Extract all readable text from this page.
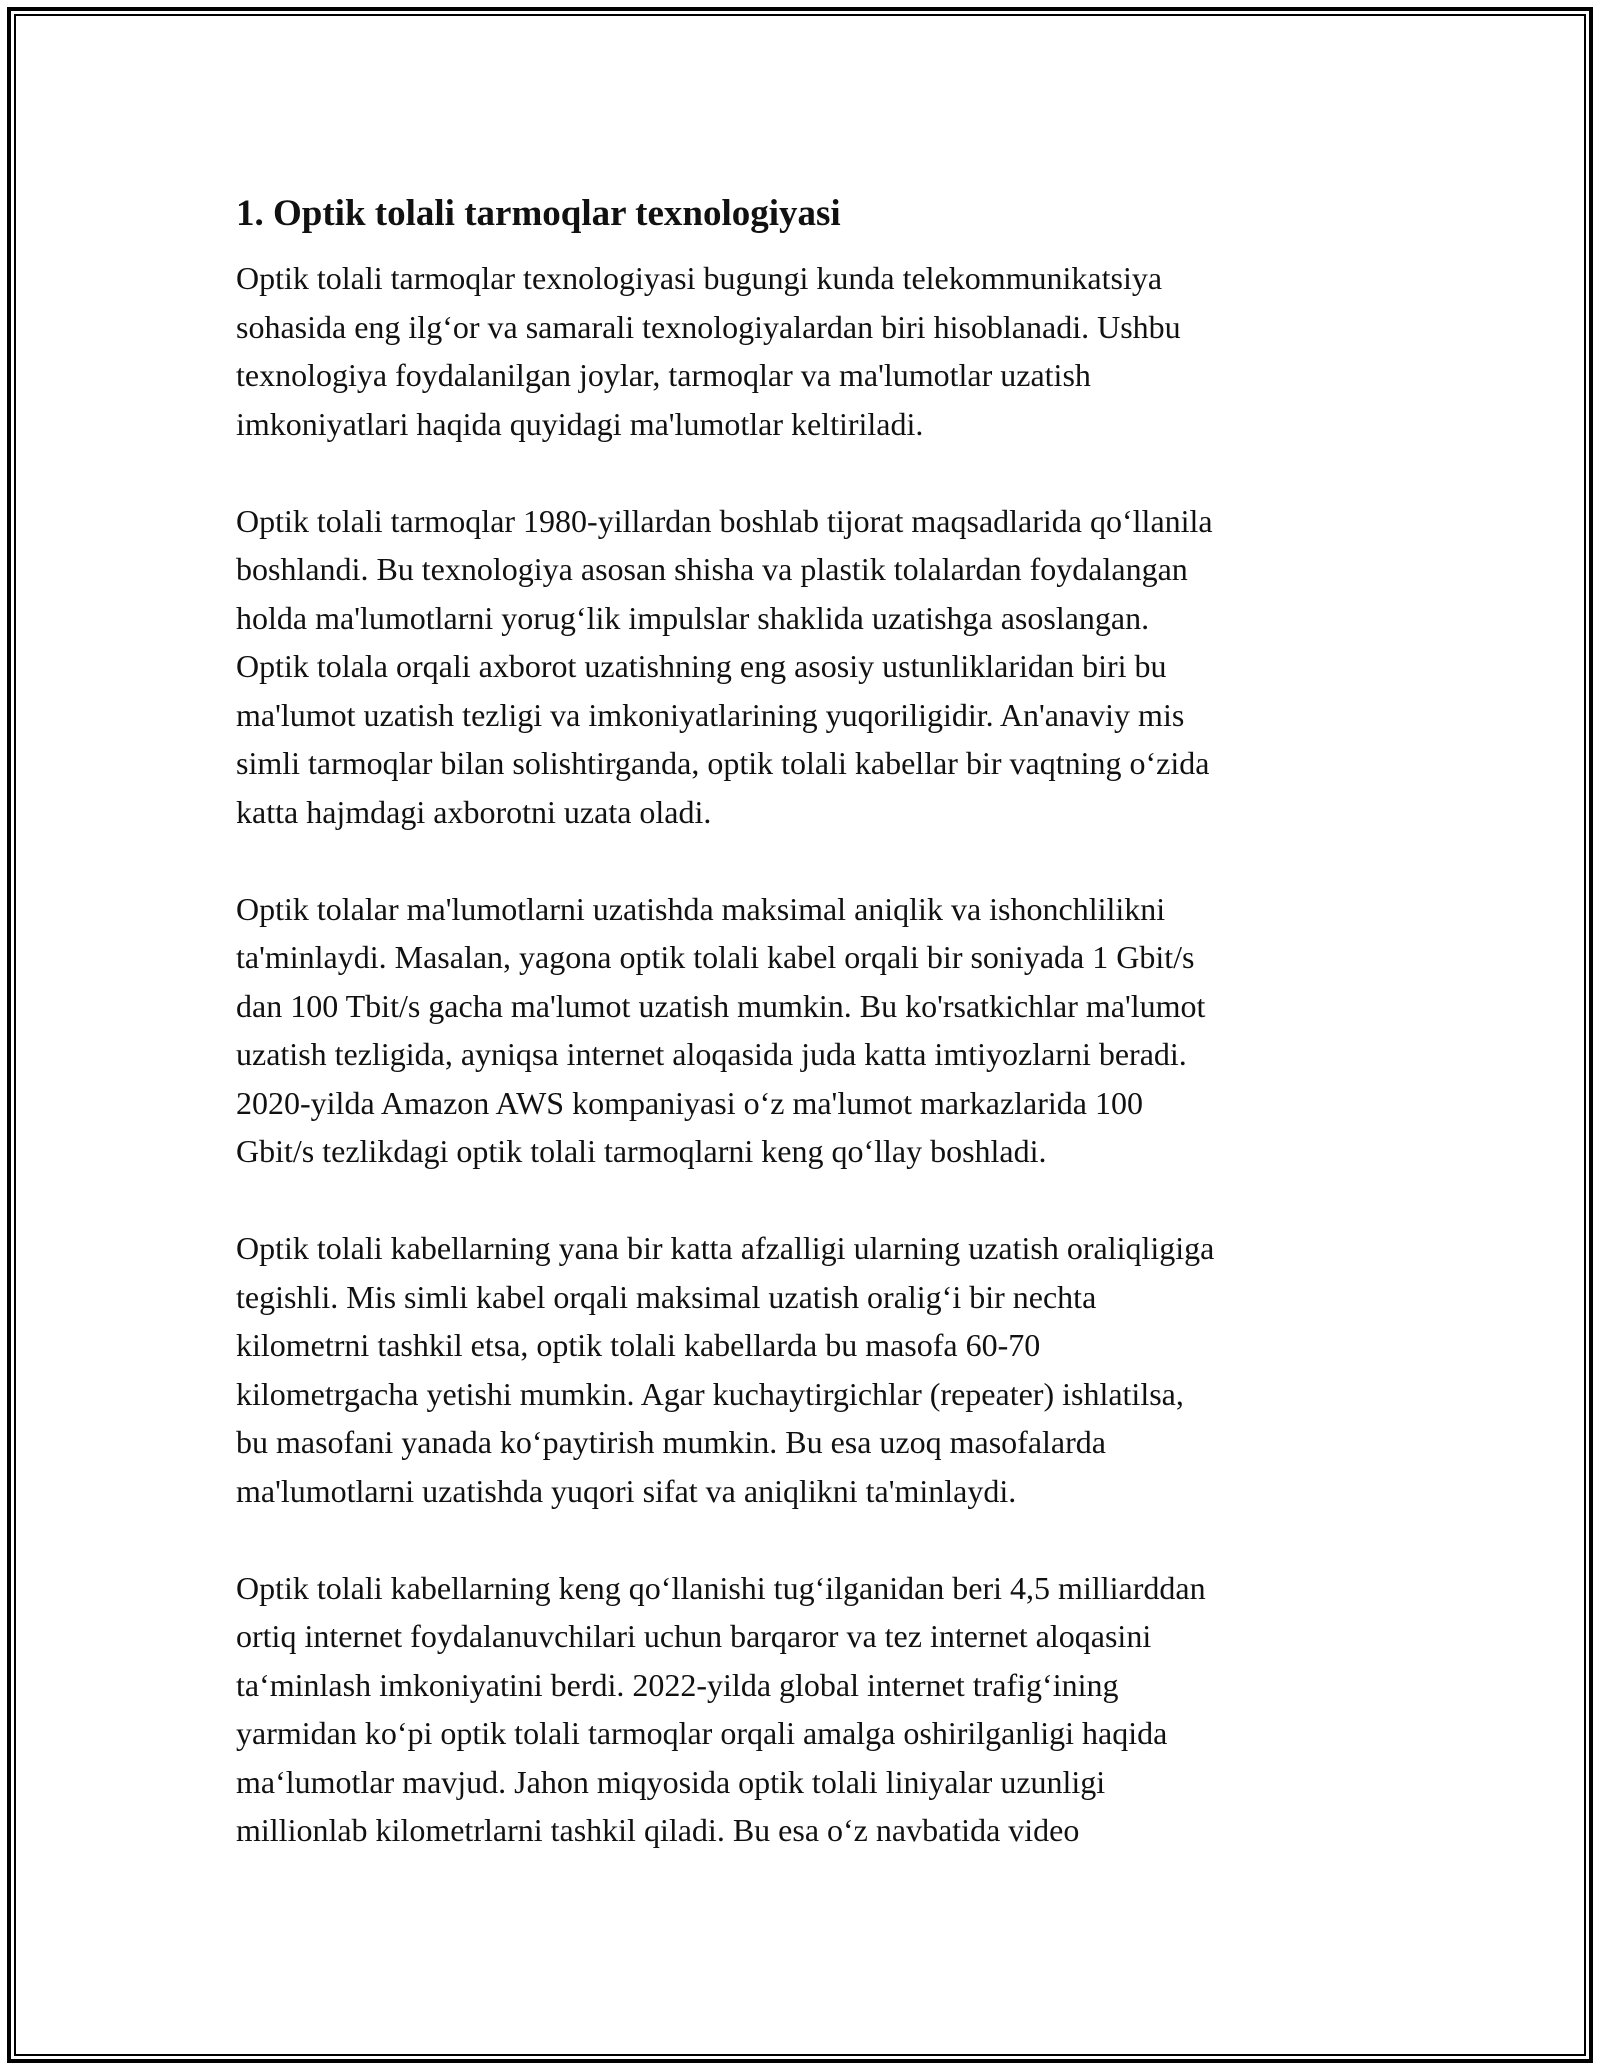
1. Optik tolali tarmoqlar texnologiyasi
Optik tolali tarmoqlar texnologiyasi bugungi kunda telekommunikatsiya
sohasida eng ilg‘or va samarali texnologiyalardan biri hisoblanadi. Ushbu
texnologiya foydalanilgan joylar, tarmoqlar va ma'lumotlar uzatish
imkoniyatlari haqida quyidagi ma'lumotlar keltiriladi.
Optik tolali tarmoqlar 1980-yillardan boshlab tijorat maqsadlarida qo‘llanila
boshlandi. Bu texnologiya asosan shisha va plastik tolalardan foydalangan
holda ma'lumotlarni yorug‘lik impulslar shaklida uzatishga asoslangan.
Optik tolala orqali axborot uzatishning eng asosiy ustunliklaridan biri bu
ma'lumot uzatish tezligi va imkoniyatlarining yuqoriligidir. An'anaviy mis
simli tarmoqlar bilan solishtirganda, optik tolali kabellar bir vaqtning o‘zida
katta hajmdagi axborotni uzata oladi.
Optik tolalar ma'lumotlarni uzatishda maksimal aniqlik va ishonchlilikni
ta'minlaydi. Masalan, yagona optik tolali kabel orqali bir soniyada 1 Gbit/s
dan 100 Tbit/s gacha ma'lumot uzatish mumkin. Bu ko'rsatkichlar ma'lumot
uzatish tezligida, ayniqsa internet aloqasida juda katta imtiyozlarni beradi.
2020-yilda Amazon AWS kompaniyasi o‘z ma'lumot markazlarida 100
Gbit/s tezlikdagi optik tolali tarmoqlarni keng qo‘llay boshladi.
Optik tolali kabellarning yana bir katta afzalligi ularning uzatish oraliqligiga
tegishli. Mis simli kabel orqali maksimal uzatish oralig‘i bir nechta
kilometrni tashkil etsa, optik tolali kabellarda bu masofa 60-70
kilometrgacha yetishi mumkin. Agar kuchaytirgichlar (repeater) ishlatilsa,
bu masofani yanada ko‘paytirish mumkin. Bu esa uzoq masofalarda
ma'lumotlarni uzatishda yuqori sifat va aniqlikni ta'minlaydi.
Optik tolali kabellarning keng qo‘llanishi tug‘ilganidan beri 4,5 milliarddan
ortiq internet foydalanuvchilari uchun barqaror va tez internet aloqasini
ta‘minlash imkoniyatini berdi. 2022-yilda global internet trafig‘ining
yarmidan ko‘pi optik tolali tarmoqlar orqali amalga oshirilganligi haqida
ma‘lumotlar mavjud. Jahon miqyosida optik tolali liniyalar uzunligi
millionlab kilometrlarni tashkil qiladi. Bu esa o‘z navbatida video
